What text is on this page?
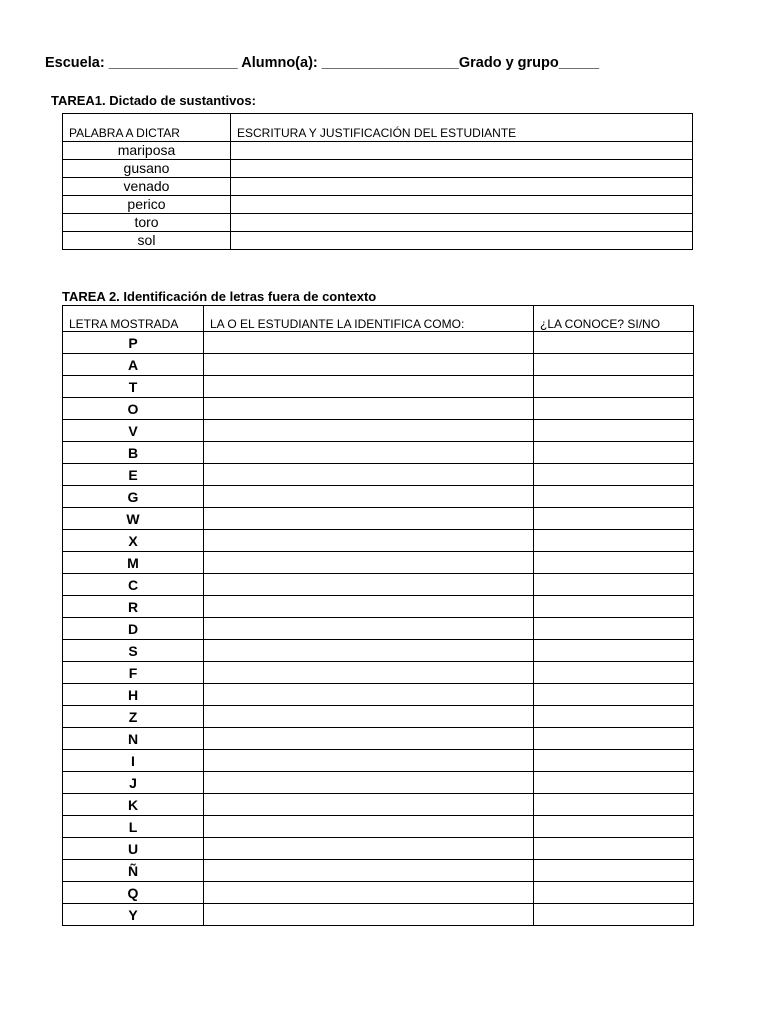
Escuela: ________________ Alumno(a): _________________Grado y grupo_____
TAREA1. Dictado de sustantivos:
PALABRA A DICTAR	ESCRITURA Y JUSTIFICACIÓN DEL ESTUDIANTE
mariposa	
gusano	
venado	
perico	
toro	
sol	
TAREA 2. Identificación de letras fuera de contexto
LETRA MOSTRADA	LA O EL ESTUDIANTE LA IDENTIFICA COMO:	¿LA CONOCE? SI/NO
P		
A		
T		
O		
V		
B		
E		
G		
W		
X		
M		
C		
R		
D		
S		
F		
H		
Z		
N		
I		
J		
K		
L		
U		
Ñ		
Q		
Y		
